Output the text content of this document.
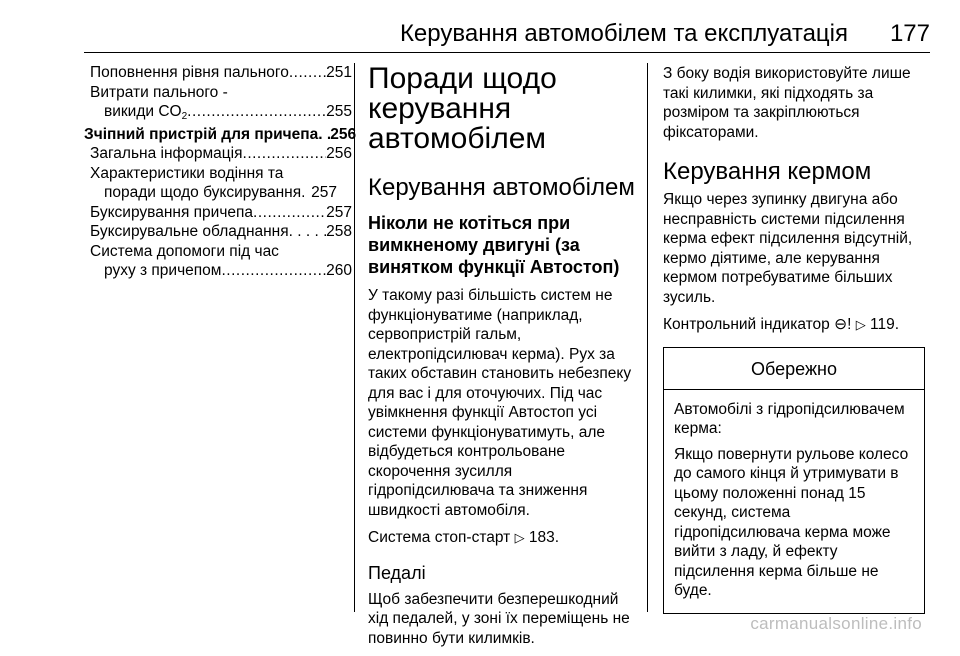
Керування автомобілем та експлуатація 177
Поповнення рівня пального ..... 251
Витрати пального -
викиди $CO_2$ .....	255
Зчіпний пристрій для причепа . . . 256
Загальна інформація .....	256
Характеристики водіння та
поради щодо буксирування . . . 257
Буксирування причепа .....	257
Буксирувальне обладнання . . . 258
Система допомоги під час
руху з причепом .....	260
Поради щодо керування автомобілем
Керування автомобілем
Ніколи не котіться при вимкненому двигуні (за винятком функції Автостоп)

У такому разі більшість систем не функціонуватиме (наприклад, сервопристрій гальм, електропідсилювач керма). Рух за таких обставин становить небезпеку для вас і для оточуючих. Під час увімкнення функції Автостоп усі системи функціонуватимуть, але відбудеться контрольоване скорочення зусилля гідропідсилювача та зниження швидкості автомобіля.

Система стоп-старт ▷ 183.

Педалі

Щоб забезпечити безперешкодний хід педалей, у зоні їх переміщень не повинно бути килимків.

З боку водія використовуйте лише такі килимки, які підходять за розміром та закріплюються фіксаторами.

Керування кермом

Якщо через зупинку двигуна або несправність системи підсилення керма ефект підсилення відсутній, кермо діятиме, але керування кермом потребуватиме більших зусиль.

Контрольний індикатор ⊖! ▷ 119.

Обережно

Автомобілі з гідропідсилювачем керма:

Якщо повернути рульове колесо до самого кінця й утримувати в цьому положенні понад 15 секунд, система гідропідсилювача керма може вийти з ладу, й ефекту підсилення керма більше не буде.

carmanualsonline.info
